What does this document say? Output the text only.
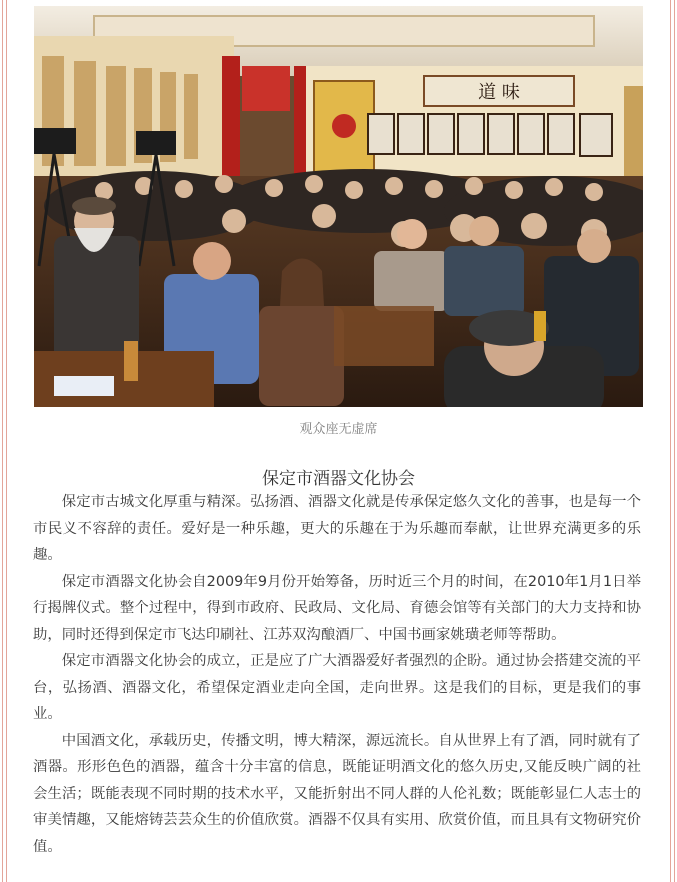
道 味
观众座无虚席
保定市酒器文化协会

保定市古城文化厚重与精深。弘扬酒、酒器文化就是传承保定悠久文化的善事，也是每一个市民义不容辞的责任。爱好是一种乐趣，更大的乐趣在于为乐趣而奉献，让世界充满更多的乐趣。

保定市酒器文化协会自2009年9月份开始筹备，历时近三个月的时间，在2010年1月1日举行揭牌仪式。整个过程中，得到市政府、民政局、文化局、育德会馆等有关部门的大力支持和协助，同时还得到保定市飞达印刷社、江苏双沟酿酒厂、中国书画家姚璜老师等帮助。

保定市酒器文化协会的成立，正是应了广大酒器爱好者强烈的企盼。通过协会搭建交流的平台，弘扬酒、酒器文化，希望保定酒业走向全国，走向世界。这是我们的目标，更是我们的事业。

中国酒文化，承载历史，传播文明，博大精深，源远流长。自从世界上有了酒，同时就有了酒器。形形色色的酒器，蕴含十分丰富的信息，既能证明酒文化的悠久历史,又能反映广阔的社会生活；既能表现不同时期的技术水平，又能折射出不同人群的人伦礼数；既能彰显仁人志士的审美情趣，又能熔铸芸芸众生的价值欣赏。酒器不仅具有实用、欣赏价值，而且具有文物研究价值。
